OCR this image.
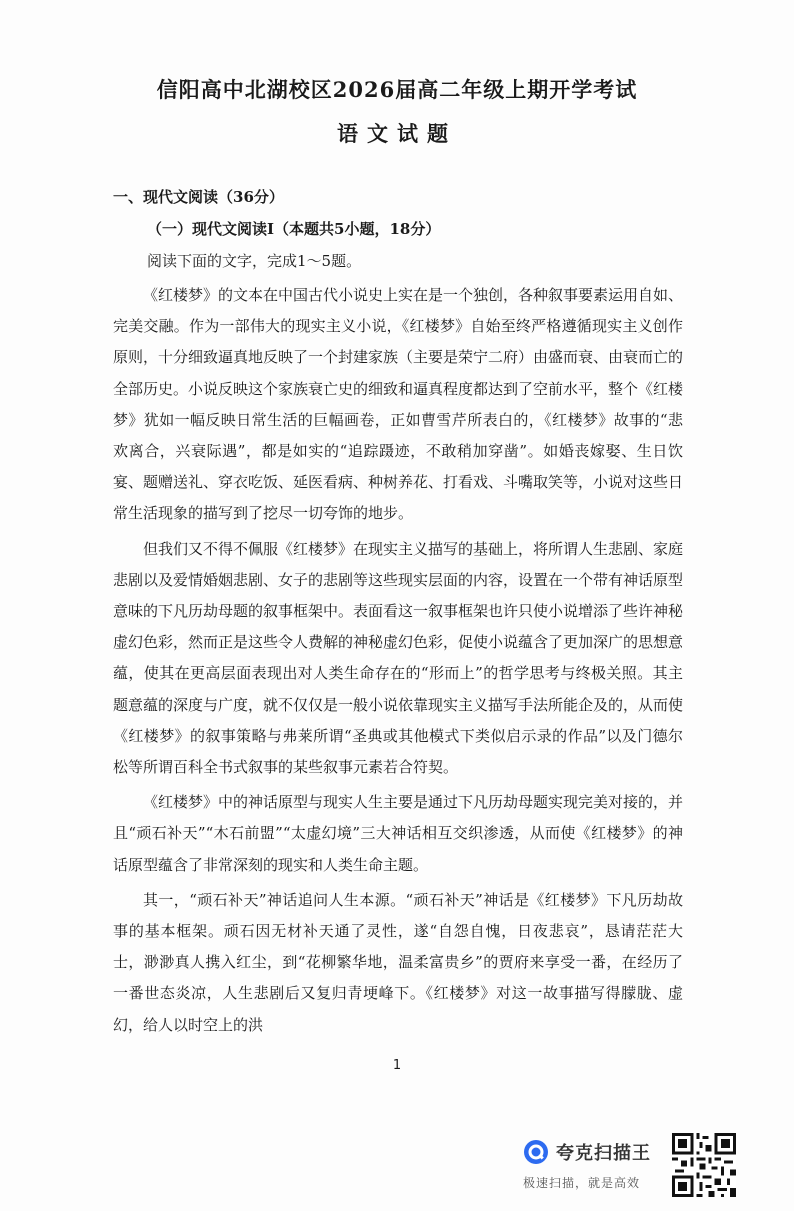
信阳高中北湖校区2026届高二年级上期开学考试
语文试题
一、现代文阅读（36分）
（一）现代文阅读Ⅰ（本题共5小题，18分）
阅读下面的文字，完成1～5题。

《红楼梦》的文本在中国古代小说史上实在是一个独创，各种叙事要素运用自如、完美交融。作为一部伟大的现实主义小说，《红楼梦》自始至终严格遵循现实主义创作原则，十分细致逼真地反映了一个封建家族（主要是荣宁二府）由盛而衰、由衰而亡的全部历史。小说反映这个家族衰亡史的细致和逼真程度都达到了空前水平，整个《红楼梦》犹如一幅反映日常生活的巨幅画卷，正如曹雪芹所表白的，《红楼梦》故事的“悲欢离合，兴衰际遇”，都是如实的“追踪蹑迹，不敢稍加穿凿”。如婚丧嫁娶、生日饮宴、题赠送礼、穿衣吃饭、延医看病、种树养花、打看戏、斗嘴取笑等，小说对这些日常生活现象的描写到了挖尽一切夸饰的地步。

但我们又不得不佩服《红楼梦》在现实主义描写的基础上，将所谓人生悲剧、家庭悲剧以及爱情婚姻悲剧、女子的悲剧等这些现实层面的内容，设置在一个带有神话原型意味的下凡历劫母题的叙事框架中。表面看这一叙事框架也许只使小说增添了些许神秘虚幻色彩，然而正是这些令人费解的神秘虚幻色彩，促使小说蕴含了更加深广的思想意蕴，使其在更高层面表现出对人类生命存在的“形而上”的哲学思考与终极关照。其主题意蕴的深度与广度，就不仅仅是一般小说依靠现实主义描写手法所能企及的，从而使《红楼梦》的叙事策略与弗莱所谓“圣典或其他模式下类似启示录的作品”以及门德尔松等所谓百科全书式叙事的某些叙事元素若合符契。

《红楼梦》中的神话原型与现实人生主要是通过下凡历劫母题实现完美对接的，并且“顽石补天”“木石前盟”“太虚幻境”三大神话相互交织渗透，从而使《红楼梦》的神话原型蕴含了非常深刻的现实和人类生命主题。

其一，“顽石补天”神话追问人生本源。“顽石补天”神话是《红楼梦》下凡历劫故事的基本框架。顽石因无材补天通了灵性，遂“自怨自愧，日夜悲哀”，恳请茫茫大士，渺渺真人携入红尘，到“花柳繁华地，温柔富贵乡”的贾府来享受一番，在经历了一番世态炎凉，人生悲剧后又复归青埂峰下。《红楼梦》对这一故事描写得朦胧、虚幻，给人以时空上的洪

1
夸克扫描王
极速扫描，就是高效
